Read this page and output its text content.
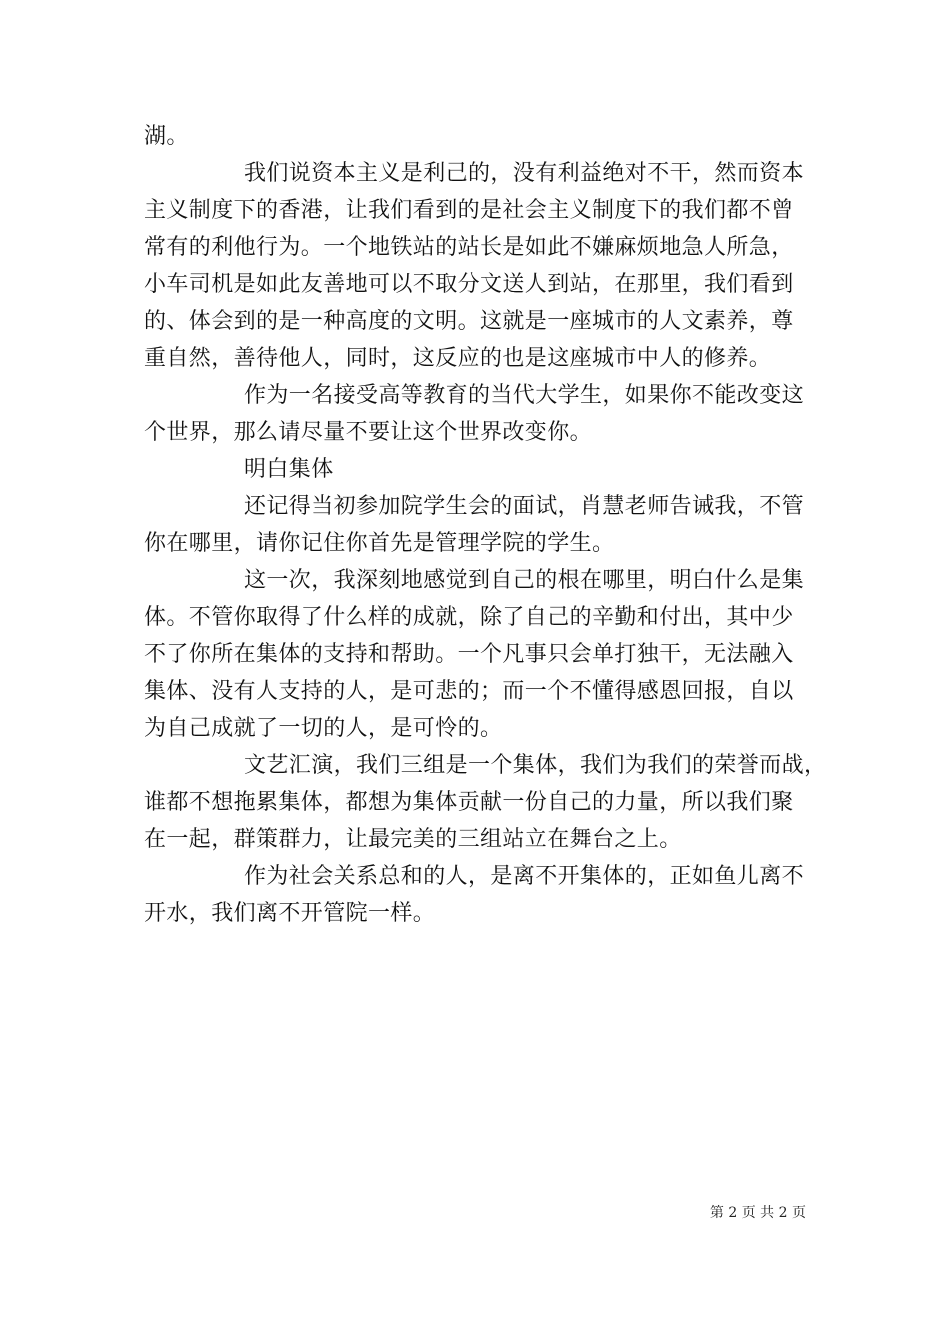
湖。
我们说资本主义是利己的，没有利益绝对不干，然而资本
主义制度下的香港，让我们看到的是社会主义制度下的我们都不曾
常有的利他行为。一个地铁站的站长是如此不嫌麻烦地急人所急，
小车司机是如此友善地可以不取分文送人到站，在那里，我们看到
的、体会到的是一种高度的文明。这就是一座城市的人文素养，尊
重自然，善待他人，同时，这反应的也是这座城市中人的修养。
作为一名接受高等教育的当代大学生，如果你不能改变这
个世界，那么请尽量不要让这个世界改变你。
明白集体
还记得当初参加院学生会的面试，肖慧老师告诫我，不管
你在哪里，请你记住你首先是管理学院的学生。
这一次，我深刻地感觉到自己的根在哪里，明白什么是集
体。不管你取得了什么样的成就，除了自己的辛勤和付出，其中少
不了你所在集体的支持和帮助。一个凡事只会单打独干，无法融入
集体、没有人支持的人，是可悲的；而一个不懂得感恩回报，自以
为自己成就了一切的人，是可怜的。
文艺汇演，我们三组是一个集体，我们为我们的荣誉而战，
谁都不想拖累集体，都想为集体贡献一份自己的力量，所以我们聚
在一起，群策群力，让最完美的三组站立在舞台之上。
作为社会关系总和的人，是离不开集体的，正如鱼儿离不
开水，我们离不开管院一样。
第 2 页 共 2 页
